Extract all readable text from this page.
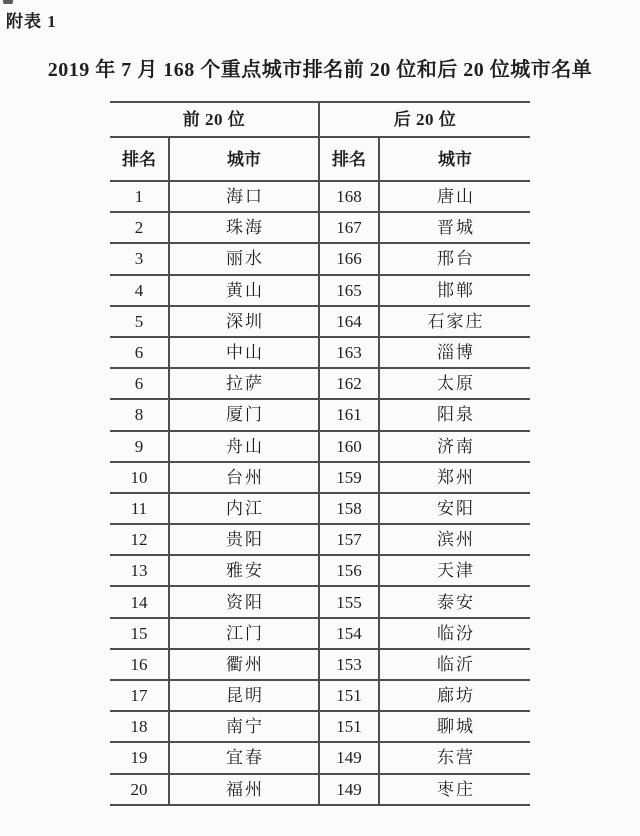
附表 1
2019 年 7 月 168 个重点城市排名前 20 位和后 20 位城市名单
前 20 位	后 20 位
排名	城市	排名	城市
1	海口	168	唐山
2	珠海	167	晋城
3	丽水	166	邢台
4	黄山	165	邯郸
5	深圳	164	石家庄
6	中山	163	淄博
6	拉萨	162	太原
8	厦门	161	阳泉
9	舟山	160	济南
10	台州	159	郑州
11	内江	158	安阳
12	贵阳	157	滨州
13	雅安	156	天津
14	资阳	155	泰安
15	江门	154	临汾
16	衢州	153	临沂
17	昆明	151	廊坊
18	南宁	151	聊城
19	宜春	149	东营
20	福州	149	枣庄
